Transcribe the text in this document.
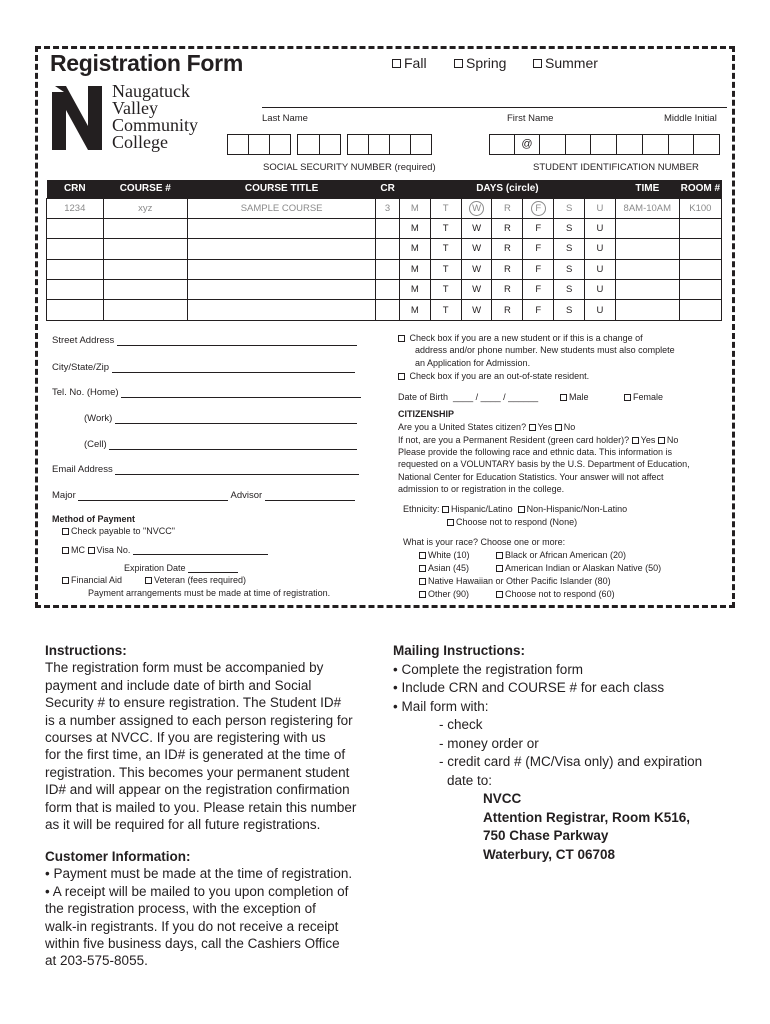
Registration Form	Fall	Spring	Summer
Naugatuck
Valley
Community
College
Last Name	First Name	Middle Initial
@
SOCIAL SECURITY NUMBER (required)	STUDENT IDENTIFICATION NUMBER
CRN	COURSE #	COURSE TITLE	CR	DAYS (circle)							TIME	ROOM #
1234	xyz	SAMPLE COURSE	3	M	T	W	R	F	S	U	8AM-10AM	K100
				M	T	W	R	F	S	U		
				M	T	W	R	F	S	U		
				M	T	W	R	F	S	U		
				M	T	W	R	F	S	U		
				M	T	W	R	F	S	U		
Street Address
City/State/Zip
Tel. No. (Home)
(Work)
(Cell)
Email Address
Major	Advisor
Method of Payment
Check payable to "NVCC"
MC Visa No.
Expiration Date
Financial Aid	Veteran (fees required)
Payment arrangements must be made at time of registration.
Check box if you are a new student or if this is a change of
address and/or phone number. New students must also complete
an Application for Admission.
Check box if you are an out-of-state resident.
Date of Birth ____ / ____ / ______	Male	Female
CITIZENSHIP
Are you a United States citizen? Yes No
If not, are you a Permanent Resident (green card holder)? Yes No
Please provide the following race and ethnic data. This information is
requested on a VOLUNTARY basis by the U.S. Department of Education,
National Center for Education Statistics. Your answer will not affect
admission to or registration in the college.
Ethnicity: Hispanic/Latino Non-Hispanic/Non-Latino
Choose not to respond (None)
What is your race? Choose one or more:
White (10)	Black or African American (20)
Asian (45)	American Indian or Alaskan Native (50)
Native Hawaiian or Other Pacific Islander (80)
Other (90)	Choose not to respond (60)
Instructions:
The registration form must be accompanied by
payment and include date of birth and Social
Security # to ensure registration. The Student ID#
is a number assigned to each person registering for
courses at NVCC. If you are registering with us
for the first time, an ID# is generated at the time of
registration. This becomes your permanent student
ID# and will appear on the registration confirmation
form that is mailed to you. Please retain this number
as it will be required for all future registrations.
Customer Information:
• Payment must be made at the time of registration.
• A receipt will be mailed to you upon completion of
the registration process, with the exception of
walk-in registrants. If you do not receive a receipt
within five business days, call the Cashiers Office
at 203-575-8055.
Mailing Instructions:
• Complete the registration form
• Include CRN and COURSE # for each class
• Mail form with:
- check
- money order or
- credit card # (MC/Visa only) and expiration
date to:
NVCC
Attention Registrar, Room K516,
750 Chase Parkway
Waterbury, CT 06708
